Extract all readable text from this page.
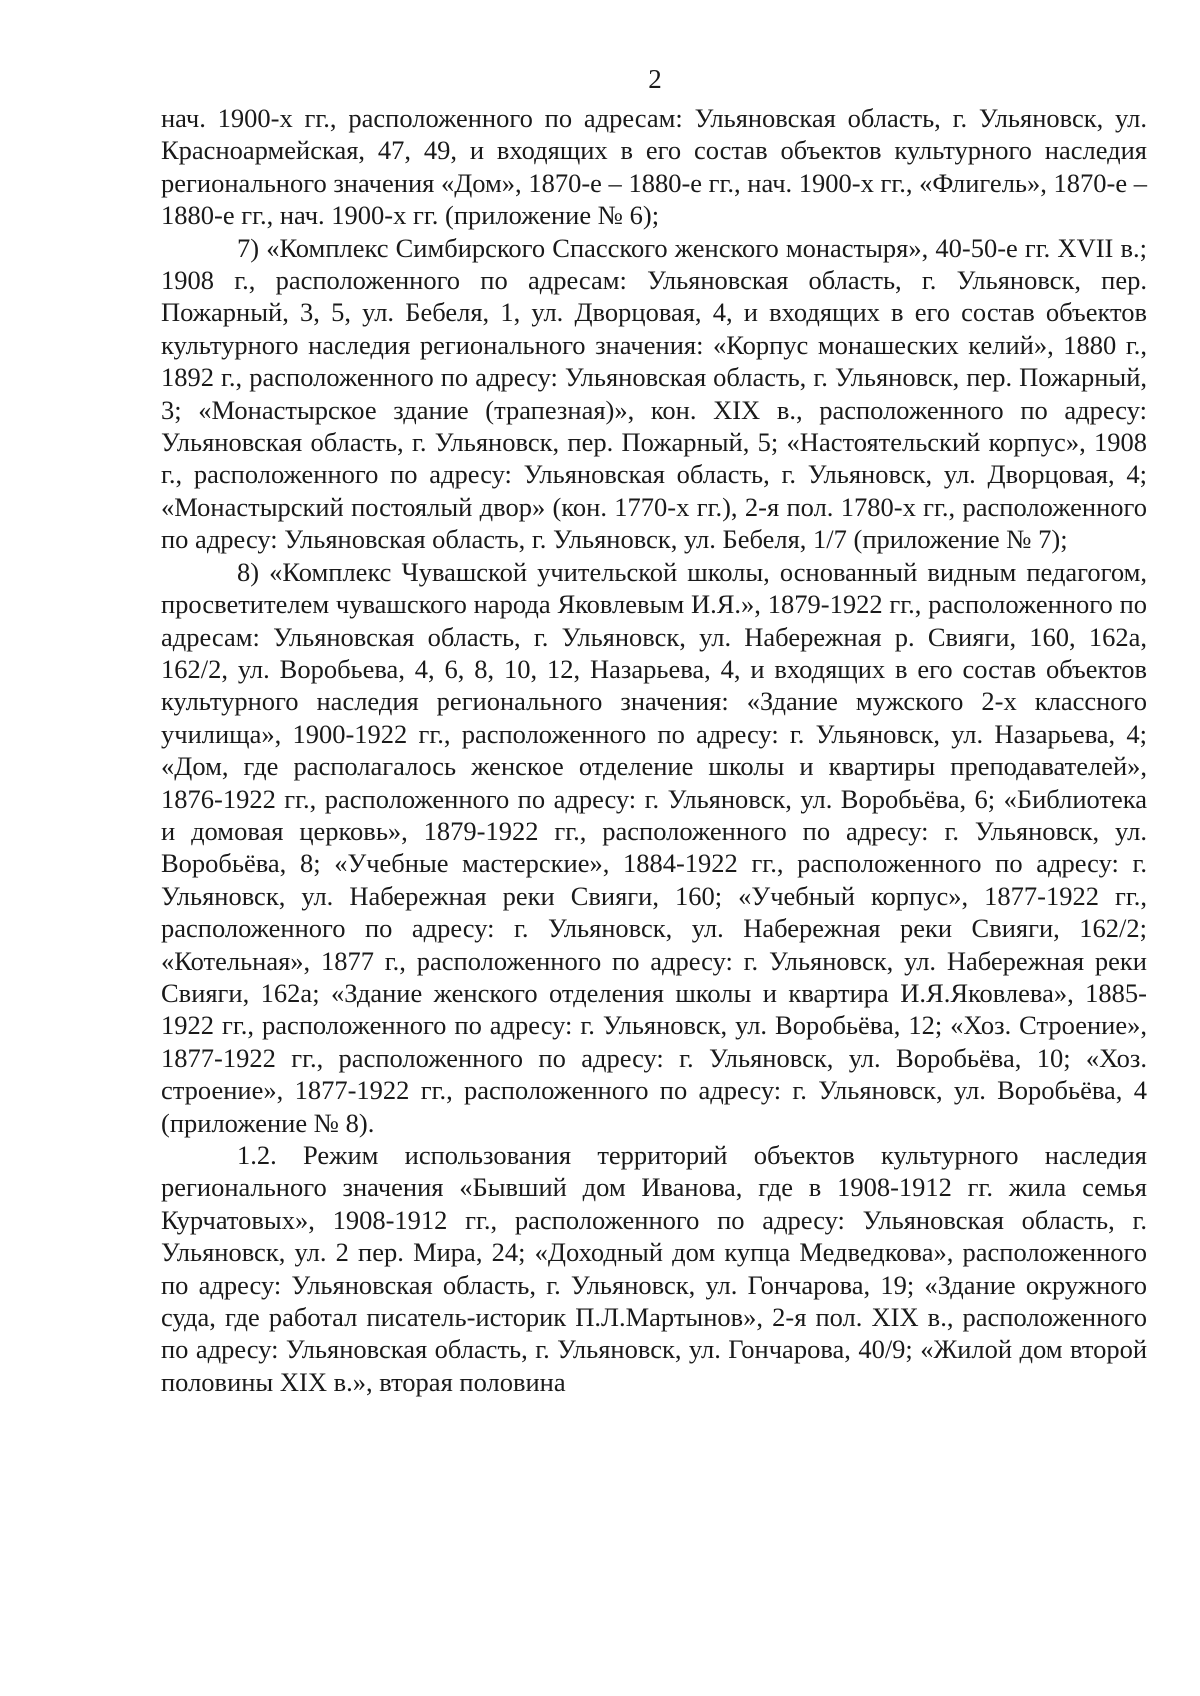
2

нач. 1900-х гг., расположенного по адресам: Ульяновская область, г. Ульяновск, ул. Красноармейская, 47, 49, и входящих в его состав объектов культурного наследия регионального значения «Дом», 1870-е – 1880-е гг., нач. 1900-х гг., «Флигель», 1870-е – 1880-е гг., нач. 1900-х гг. (приложение № 6);

7) «Комплекс Симбирского Спасского женского монастыря», 40-50-е гг. XVII в.; 1908 г., расположенного по адресам: Ульяновская область, г. Ульяновск, пер. Пожарный, 3, 5, ул. Бебеля, 1, ул. Дворцовая, 4, и входящих в его состав объектов культурного наследия регионального значения: «Корпус монашеских келий», 1880 г., 1892 г., расположенного по адресу: Ульяновская область, г. Ульяновск, пер. Пожарный, 3; «Монастырское здание (трапезная)», кон. XIX в., расположенного по адресу: Ульяновская область, г. Ульяновск, пер. Пожарный, 5; «Настоятельский корпус», 1908 г., расположенного по адресу: Ульяновская область, г. Ульяновск, ул. Дворцовая, 4; «Монастырский постоялый двор» (кон. 1770-х гг.), 2-я пол. 1780-х гг., расположенного по адресу: Ульяновская область, г. Ульяновск, ул. Бебеля, 1/7 (приложение № 7);

8) «Комплекс Чувашской учительской школы, основанный видным педагогом, просветителем чувашского народа Яковлевым И.Я.», 1879-1922 гг., расположенного по адресам: Ульяновская область, г. Ульяновск, ул. Набережная р. Свияги, 160, 162а, 162/2, ул. Воробьева, 4, 6, 8, 10, 12, Назарьева, 4, и входящих в его состав объектов культурного наследия регионального значения: «Здание мужского 2-х классного училища», 1900-1922 гг., расположенного по адресу: г. Ульяновск, ул. Назарьева, 4; «Дом, где располагалось женское отделение школы и квартиры преподавателей», 1876-1922 гг., расположенного по адресу: г. Ульяновск, ул. Воробьёва, 6; «Библиотека и домовая церковь», 1879-1922 гг., расположенного по адресу: г. Ульяновск, ул. Воробьёва, 8; «Учебные мастерские», 1884-1922 гг., расположенного по адресу: г. Ульяновск, ул. Набережная реки Свияги, 160; «Учебный корпус», 1877-1922 гг., расположенного по адресу: г. Ульяновск, ул. Набережная реки Свияги, 162/2; «Котельная», 1877 г., расположенного по адресу: г. Ульяновск, ул. Набережная реки Свияги, 162а; «Здание женского отделения школы и квартира И.Я.Яковлева», 1885-1922 гг., расположенного по адресу: г. Ульяновск, ул. Воробьёва, 12; «Хоз. Строение», 1877-1922 гг., расположенного по адресу: г. Ульяновск, ул. Воробьёва, 10; «Хоз. строение», 1877-1922 гг., расположенного по адресу: г. Ульяновск, ул. Воробьёва, 4 (приложение № 8).

1.2. Режим использования территорий объектов культурного наследия регионального значения «Бывший дом Иванова, где в 1908-1912 гг. жила семья Курчатовых», 1908-1912 гг., расположенного по адресу: Ульяновская область, г. Ульяновск, ул. 2 пер. Мира, 24; «Доходный дом купца Медведкова», расположенного по адресу: Ульяновская область, г. Ульяновск, ул. Гончарова, 19; «Здание окружного суда, где работал писатель-историк П.Л.Мартынов», 2-я пол. XIX в., расположенного по адресу: Ульяновская область, г. Ульяновск, ул. Гончарова, 40/9; «Жилой дом второй половины XIX в.», вторая половина
